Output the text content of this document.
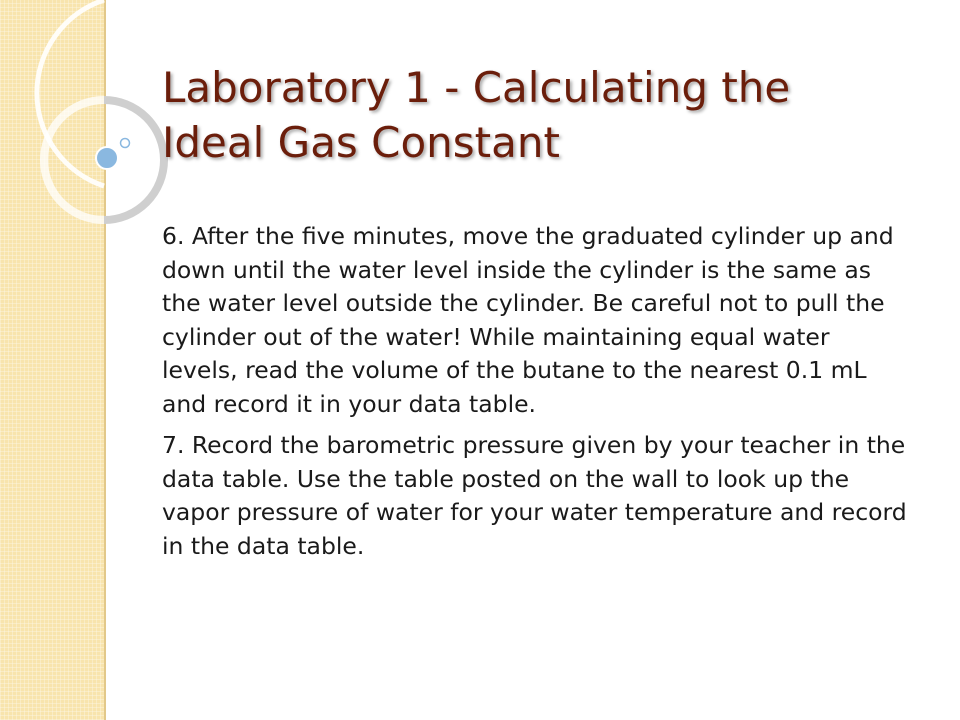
Laboratory 1 - Calculating the
Ideal Gas Constant

6. After the five minutes, move the graduated cylinder up and down until the water level inside the cylinder is the same as the water level outside the cylinder. Be careful not to pull the cylinder out of the water! While maintaining equal water levels, read the volume of the butane to the nearest 0.1 mL and record it in your data table.

7. Record the barometric pressure given by your teacher in the data table. Use the table posted on the wall to look up the vapor pressure of water for your water temperature and record in the data table.
